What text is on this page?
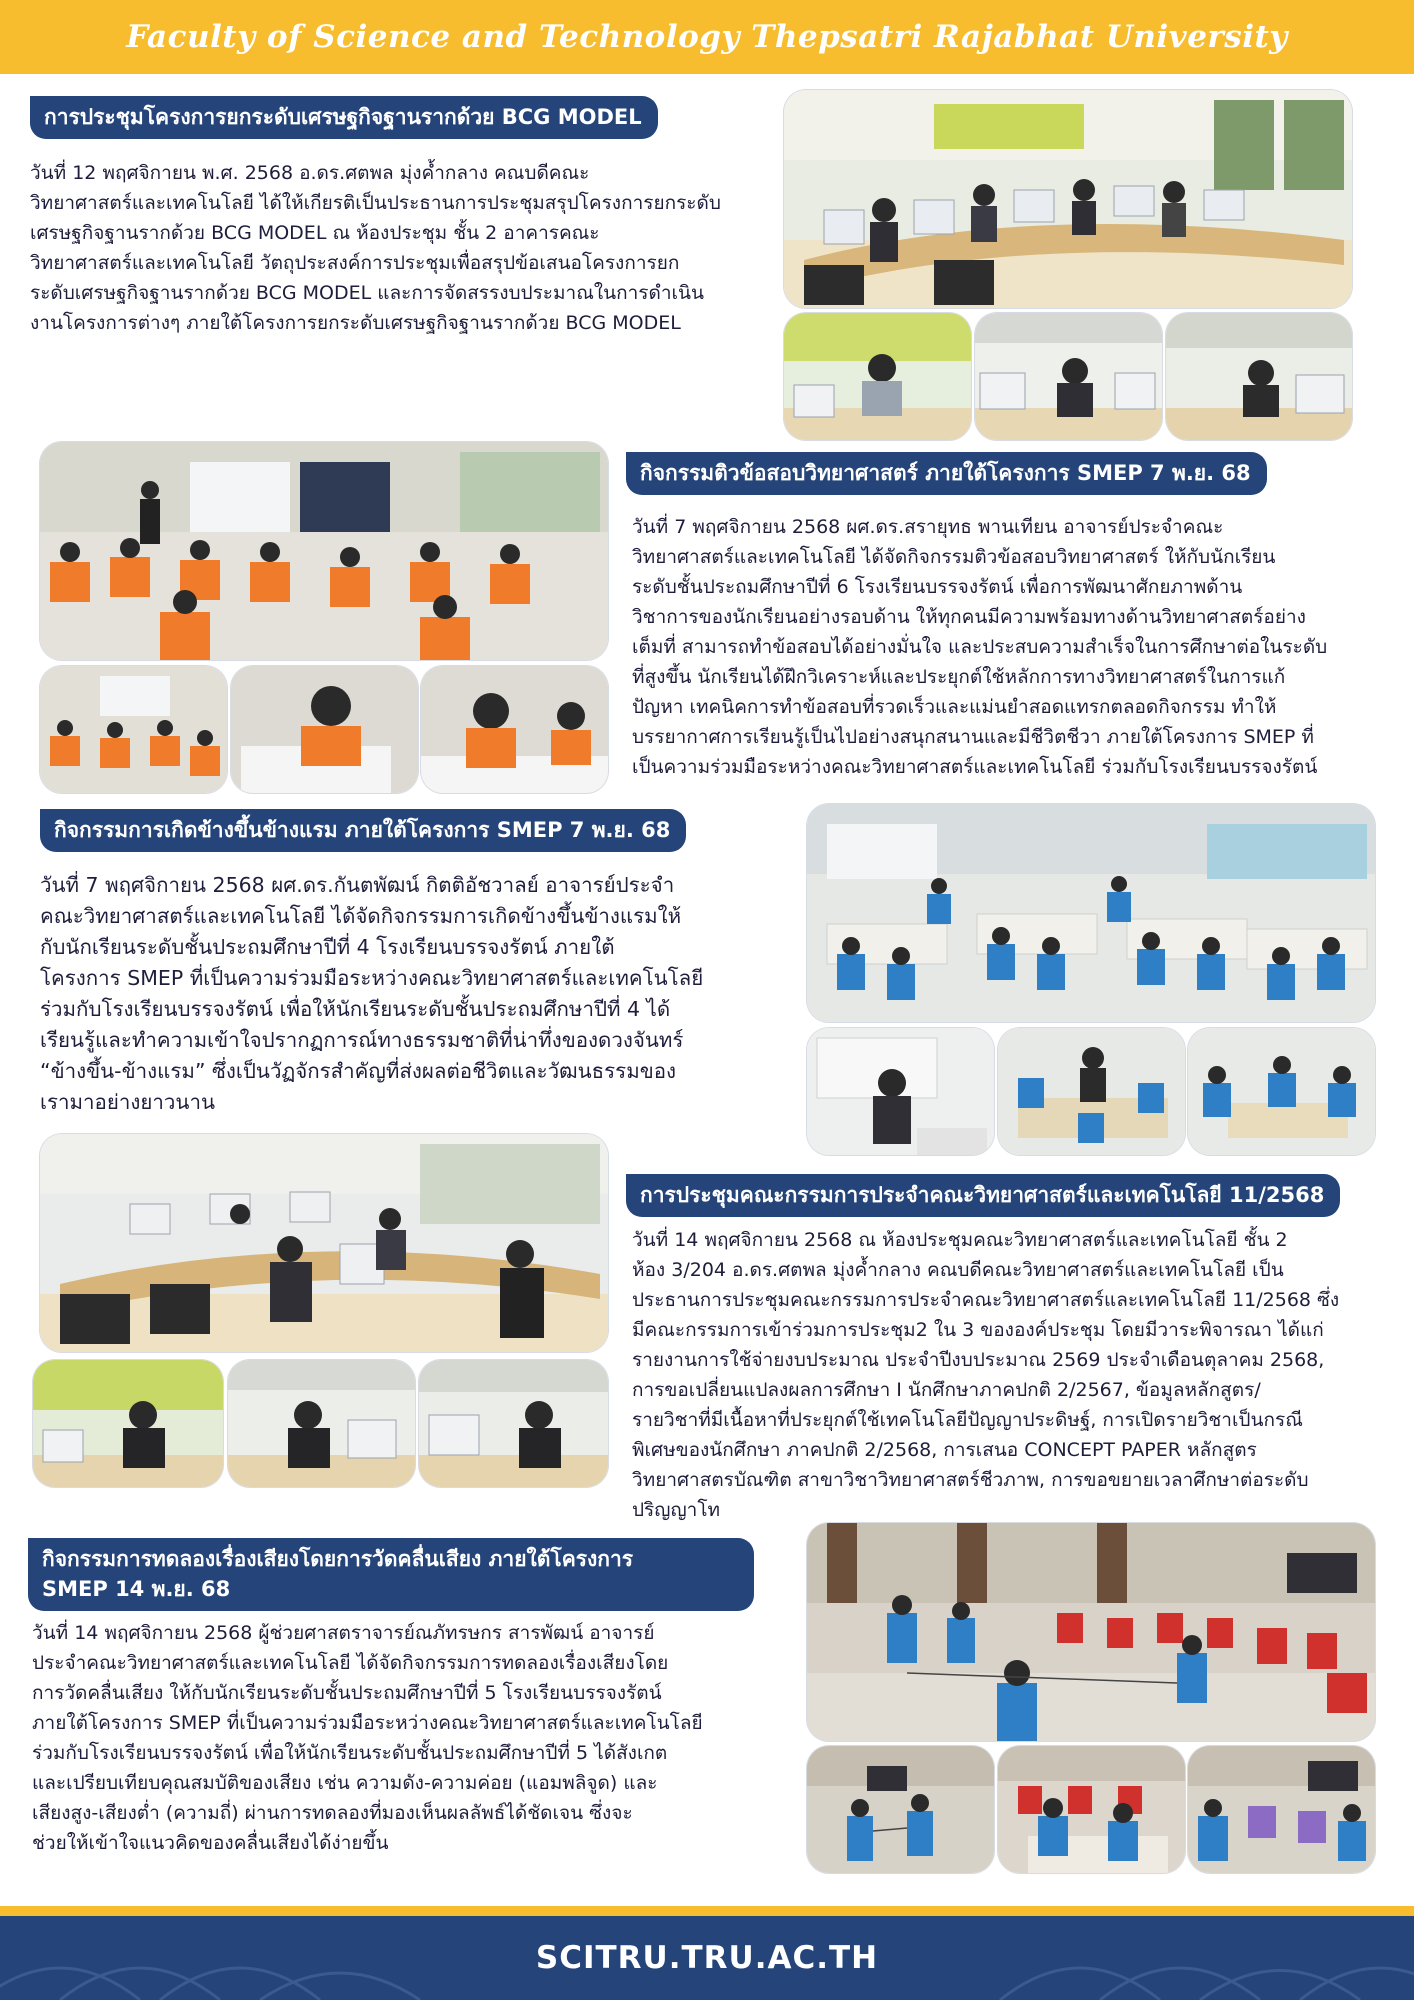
Faculty of Science and Technology Thepsatri Rajabhat University
การประชุมโครงการยกระดับเศรษฐกิจฐานรากด้วย BCG MODEL
วันที่ 12 พฤศจิกายน พ.ศ. 2568 อ.ดร.ศตพล มุ่งค้ำกลาง คณบดีคณะ
วิทยาศาสตร์และเทคโนโลยี ได้ให้เกียรติเป็นประธานการประชุมสรุปโครงการยกระดับ
เศรษฐกิจฐานรากด้วย BCG MODEL ณ ห้องประชุม ชั้น 2 อาคารคณะ
วิทยาศาสตร์และเทคโนโลยี วัตถุประสงค์การประชุมเพื่อสรุปข้อเสนอโครงการยก
ระดับเศรษฐกิจฐานรากด้วย BCG MODEL และการจัดสรรงบประมาณในการดำเนิน
งานโครงการต่างๆ ภายใต้โครงการยกระดับเศรษฐกิจฐานรากด้วย BCG MODEL
กิจกรรมติวข้อสอบวิทยาศาสตร์ ภายใต้โครงการ SMEP 7 พ.ย. 68
วันที่ 7 พฤศจิกายน 2568 ผศ.ดร.สรายุทธ พานเทียน อาจารย์ประจำคณะ
วิทยาศาสตร์และเทคโนโลยี ได้จัดกิจกรรมติวข้อสอบวิทยาศาสตร์ ให้กับนักเรียน
ระดับชั้นประถมศึกษาปีที่ 6 โรงเรียนบรรจงรัตน์ เพื่อการพัฒนาศักยภาพด้าน
วิชาการของนักเรียนอย่างรอบด้าน ให้ทุกคนมีความพร้อมทางด้านวิทยาศาสตร์อย่าง
เต็มที่ สามารถทำข้อสอบได้อย่างมั่นใจ และประสบความสำเร็จในการศึกษาต่อในระดับ
ที่สูงขึ้น นักเรียนได้ฝึกวิเคราะห์และประยุกต์ใช้หลักการทางวิทยาศาสตร์ในการแก้
ปัญหา เทคนิคการทำข้อสอบที่รวดเร็วและแม่นยำสอดแทรกตลอดกิจกรรม ทำให้
บรรยากาศการเรียนรู้เป็นไปอย่างสนุกสนานและมีชีวิตชีวา ภายใต้โครงการ SMEP ที่
เป็นความร่วมมือระหว่างคณะวิทยาศาสตร์และเทคโนโลยี ร่วมกับโรงเรียนบรรจงรัตน์
กิจกรรมการเกิดข้างขึ้นข้างแรม ภายใต้โครงการ SMEP 7 พ.ย. 68
วันที่ 7 พฤศจิกายน 2568 ผศ.ดร.กันตพัฒน์ กิตติอัชวาลย์ อาจารย์ประจำ
คณะวิทยาศาสตร์และเทคโนโลยี ได้จัดกิจกรรมการเกิดข้างขึ้นข้างแรมให้
กับนักเรียนระดับชั้นประถมศึกษาปีที่ 4 โรงเรียนบรรจงรัตน์ ภายใต้
โครงการ SMEP ที่เป็นความร่วมมือระหว่างคณะวิทยาศาสตร์และเทคโนโลยี
ร่วมกับโรงเรียนบรรจงรัตน์ เพื่อให้นักเรียนระดับชั้นประถมศึกษาปีที่ 4 ได้
เรียนรู้และทำความเข้าใจปรากฏการณ์ทางธรรมชาติที่น่าทึ่งของดวงจันทร์
“ข้างขึ้น-ข้างแรม” ซึ่งเป็นวัฏจักรสำคัญที่ส่งผลต่อชีวิตและวัฒนธรรมของ
เรามาอย่างยาวนาน
การประชุมคณะกรรมการประจำคณะวิทยาศาสตร์และเทคโนโลยี 11/2568
วันที่ 14 พฤศจิกายน 2568 ณ ห้องประชุมคณะวิทยาศาสตร์และเทคโนโลยี ชั้น 2
ห้อง 3/204 อ.ดร.ศตพล มุ่งค้ำกลาง คณบดีคณะวิทยาศาสตร์และเทคโนโลยี เป็น
ประธานการประชุมคณะกรรมการประจำคณะวิทยาศาสตร์และเทคโนโลยี 11/2568 ซึ่ง
มีคณะกรรมการเข้าร่วมการประชุม2 ใน 3 ขององค์ประชุม โดยมีวาระพิจารณา ได้แก่
รายงานการใช้จ่ายงบประมาณ ประจำปีงบประมาณ 2569 ประจำเดือนตุลาคม 2568,
การขอเปลี่ยนแปลงผลการศึกษา I นักศึกษาภาคปกติ 2/2567, ข้อมูลหลักสูตร/
รายวิชาที่มีเนื้อหาที่ประยุกต์ใช้เทคโนโลยีปัญญาประดิษฐ์, การเปิดรายวิชาเป็นกรณี
พิเศษของนักศึกษา ภาคปกติ 2/2568, การเสนอ CONCEPT PAPER หลักสูตร
วิทยาศาสตรบัณฑิต สาขาวิชาวิทยาศาสตร์ชีวภาพ, การขอขยายเวลาศึกษาต่อระดับ
ปริญญาโท
กิจกรรมการทดลองเรื่องเสียงโดยการวัดคลื่นเสียง ภายใต้โครงการ
SMEP 14 พ.ย. 68
วันที่ 14 พฤศจิกายน 2568 ผู้ช่วยศาสตราจารย์ณภัทรษกร สารพัฒน์ อาจารย์
ประจำคณะวิทยาศาสตร์และเทคโนโลยี ได้จัดกิจกรรมการทดลองเรื่องเสียงโดย
การวัดคลื่นเสียง ให้กับนักเรียนระดับชั้นประถมศึกษาปีที่ 5 โรงเรียนบรรจงรัตน์
ภายใต้โครงการ SMEP ที่เป็นความร่วมมือระหว่างคณะวิทยาศาสตร์และเทคโนโลยี
ร่วมกับโรงเรียนบรรจงรัตน์ เพื่อให้นักเรียนระดับชั้นประถมศึกษาปีที่ 5 ได้สังเกต
และเปรียบเทียบคุณสมบัติของเสียง เช่น ความดัง-ความค่อย (แอมพลิจูด) และ
เสียงสูง-เสียงต่ำ (ความถี่) ผ่านการทดลองที่มองเห็นผลลัพธ์ได้ชัดเจน ซึ่งจะ
ช่วยให้เข้าใจแนวคิดของคลื่นเสียงได้ง่ายขึ้น
SCITRU.TRU.AC.TH
